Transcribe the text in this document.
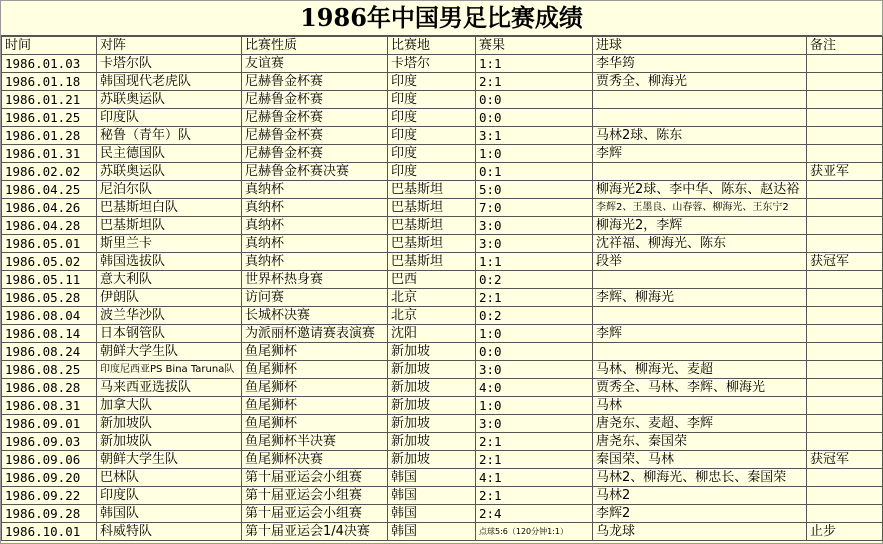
1986年中国男足比赛成绩
时间	对阵	比赛性质	比赛地	赛果	进球	备注
1986.01.03	卡塔尔队	友谊赛	卡塔尔	1:1	李华筠	
1986.01.18	韩国现代老虎队	尼赫鲁金杯赛	印度	2:1	贾秀全、柳海光	
1986.01.21	苏联奥运队	尼赫鲁金杯赛	印度	0:0		
1986.01.25	印度队	尼赫鲁金杯赛	印度	0:0		
1986.01.28	秘鲁（青年）队	尼赫鲁金杯赛	印度	3:1	马林2球、陈东	
1986.01.31	民主德国队	尼赫鲁金杯赛	印度	1:0	李辉	
1986.02.02	苏联奥运队	尼赫鲁金杯赛决赛	印度	0:1		获亚军
1986.04.25	尼泊尔队	真纳杯	巴基斯坦	5:0	柳海光2球、李中华、陈东、赵达裕	
1986.04.26	巴基斯坦白队	真纳杯	巴基斯坦	7:0	李辉2、王墨良、山春蓉、柳海光、王东宁2	
1986.04.28	巴基斯坦队	真纳杯	巴基斯坦	3:0	柳海光2，李辉	
1986.05.01	斯里兰卡	真纳杯	巴基斯坦	3:0	沈祥福、柳海光、陈东	
1986.05.02	韩国选拔队	真纳杯	巴基斯坦	1:1	段举	获冠军
1986.05.11	意大利队	世界杯热身赛	巴西	0:2		
1986.05.28	伊朗队	访问赛	北京	2:1	李辉、柳海光	
1986.08.04	波兰华沙队	长城杯决赛	北京	0:2		
1986.08.14	日本钢管队	为派丽杯邀请赛表演赛	沈阳	1:0	李辉	
1986.08.24	朝鲜大学生队	鱼尾狮杯	新加坡	0:0		
1986.08.25	印度尼西亚PS Bina Taruna队	鱼尾狮杯	新加坡	3:0	马林、柳海光、麦超	
1986.08.28	马来西亚选拔队	鱼尾狮杯	新加坡	4:0	贾秀全、马林、李辉、柳海光	
1986.08.31	加拿大队	鱼尾狮杯	新加坡	1:0	马林	
1986.09.01	新加坡队	鱼尾狮杯	新加坡	3:0	唐尧东、麦超、李辉	
1986.09.03	新加坡队	鱼尾狮杯半决赛	新加坡	2:1	唐尧东、秦国荣	
1986.09.06	朝鲜大学生队	鱼尾狮杯决赛	新加坡	2:1	秦国荣、马林	获冠军
1986.09.20	巴林队	第十届亚运会小组赛	韩国	4:1	马林2、柳海光、柳忠长、秦国荣	
1986.09.22	印度队	第十届亚运会小组赛	韩国	2:1	马林2	
1986.09.28	韩国队	第十届亚运会小组赛	韩国	2:4	李辉2	
1986.10.01	科威特队	第十届亚运会1/4决赛	韩国	点球5:6（120分钟1:1）	乌龙球	止步
